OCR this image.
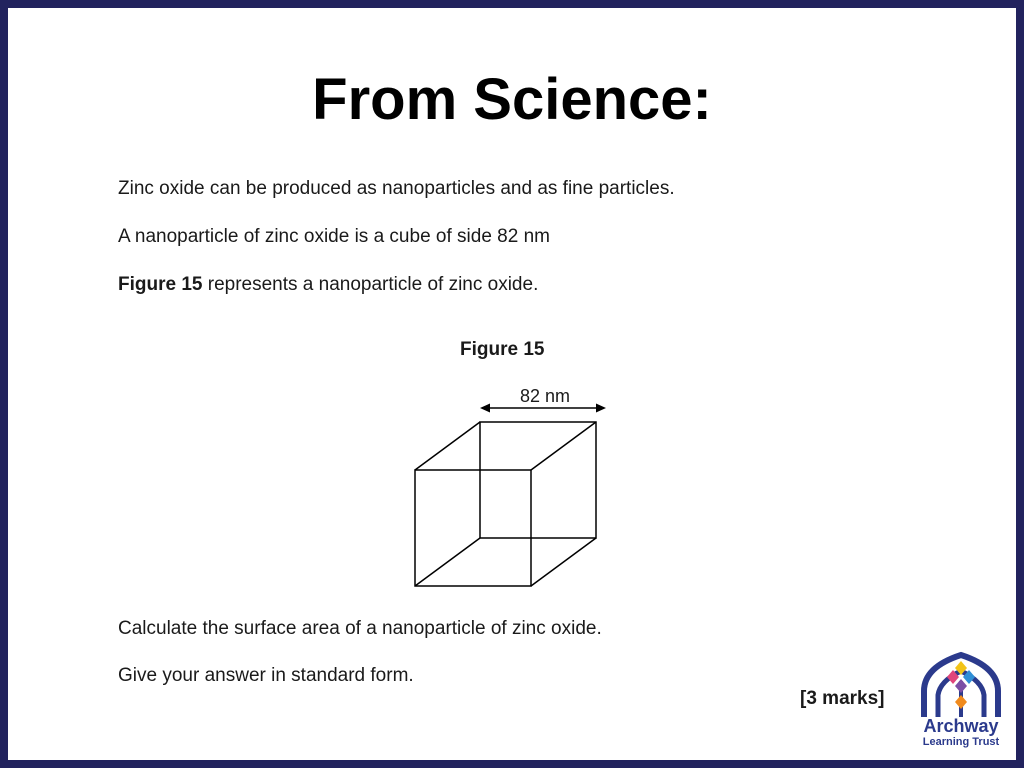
From Science:
Zinc oxide can be produced as nanoparticles and as fine particles.
A nanoparticle of zinc oxide is a cube of side 82 nm
Figure 15 represents a nanoparticle of zinc oxide.
Figure 15
82 nm
Calculate the surface area of a nanoparticle of zinc oxide.
Give your answer in standard form.
[3 marks]
Archway
Learning Trust
